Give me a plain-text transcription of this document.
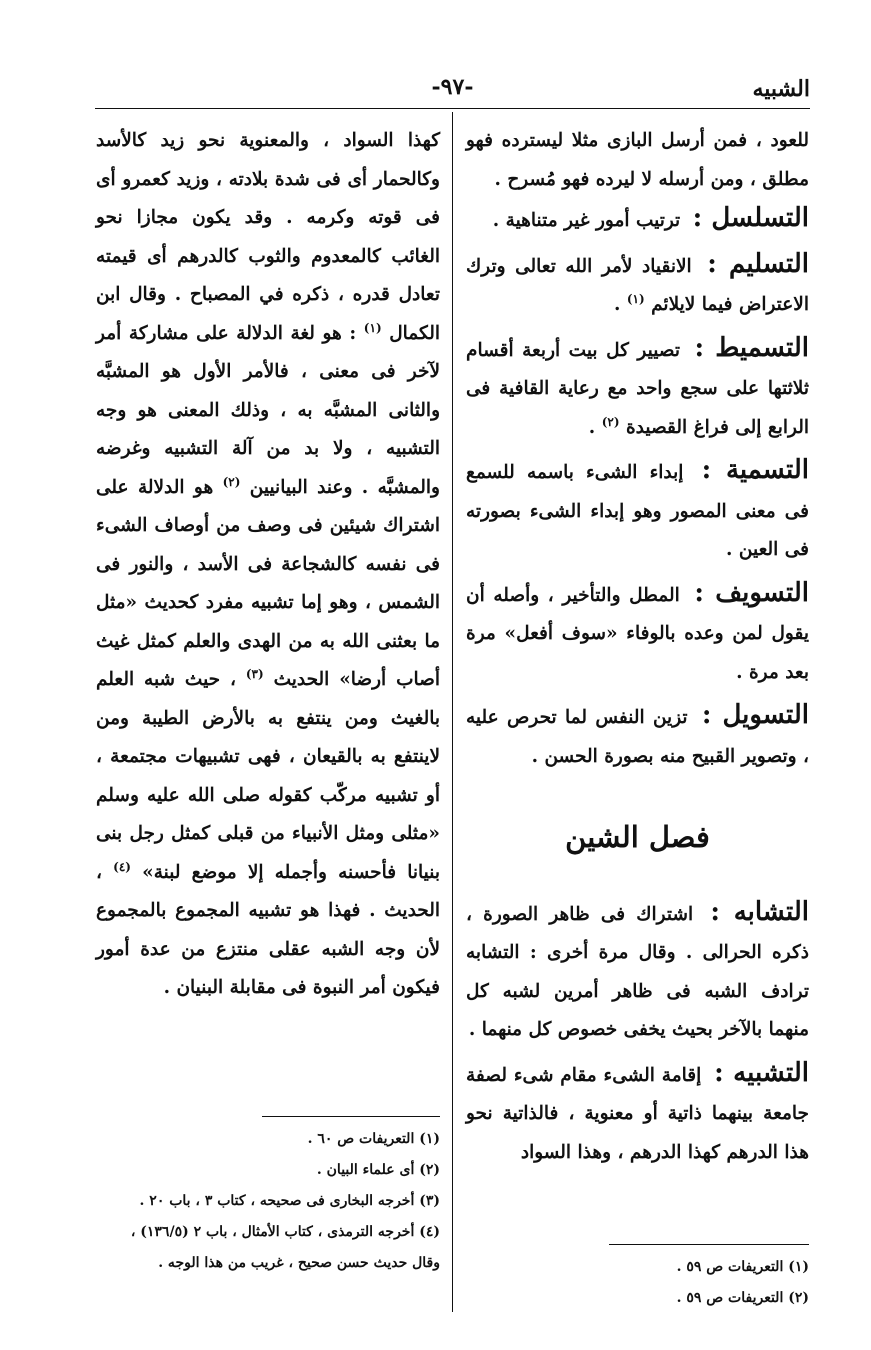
الشبيه
-٩٧-

للعود ، فمن أرسل البازى مثلا ليسترده فهو مطلق ، ومن أرسله لا ليرده فهو مُسرح .

التسلسل : ترتيب أمور غير متناهية .

التسليم : الانقياد لأمر الله تعالى وترك الاعتراض فيما لايلائم $^{(١)}$ .

التسميط : تصيير كل بيت أربعة أقسام ثلاثتها على سجع واحد مع رعاية القافية فى الرابع إلى فراغ القصيدة $^{(٢)}$ .

التسمية : إبداء الشىء باسمه للسمع فى معنى المصور وهو إبداء الشىء بصورته فى العين .

التسويف : المطل والتأخير ، وأصله أن يقول لمن وعده بالوفاء «سوف أفعل» مرة بعد مرة .

التسويل : تزين النفس لما تحرص عليه ، وتصوير القبيح منه بصورة الحسن .

فصل الشين

التشابه : اشتراك فى ظاهر الصورة ، ذكره الحرالى . وقال مرة أخرى : التشابه ترادف الشبه فى ظاهر أمرين لشبه كل منهما بالآخر بحيث يخفى خصوص كل منهما .

التشبيه : إقامة الشىء مقام شىء لصفة جامعة بينهما ذاتية أو معنوية ، فالذاتية نحو هذا الدرهم كهذا الدرهم ، وهذا السواد

كهذا السواد ، والمعنوية نحو زيد كالأسد وكالحمار أى فى شدة بلادته ، وزيد كعمرو أى فى قوته وكرمه . وقد يكون مجازا نحو الغائب كالمعدوم والثوب كالدرهم أى قيمته تعادل قدره ، ذكره في المصباح . وقال ابن الكمال $^{(١)}$ : هو لغة الدلالة على مشاركة أمر لآخر فى معنى ، فالأمر الأول هو المشبَّه والثانى المشبَّه به ، وذلك المعنى هو وجه التشبيه ، ولا بد من آلة التشبيه وغرضه والمشبَّه . وعند البيانيين $^{(٢)}$ هو الدلالة على اشتراك شيئين فى وصف من أوصاف الشىء فى نفسه كالشجاعة فى الأسد ، والنور فى الشمس ، وهو إما تشبيه مفرد كحديث «مثل ما بعثنى الله به من الهدى والعلم كمثل غيث أصاب أرضا» الحديث $^{(٣)}$ ، حيث شبه العلم بالغيث ومن ينتفع به بالأرض الطيبة ومن لاينتفع به بالقيعان ، فهى تشبيهات مجتمعة ، أو تشبيه مركّب كقوله صلى الله عليه وسلم «مثلى ومثل الأنبياء من قبلى كمثل رجل بنى بنيانا فأحسنه وأجمله إلا موضع لبنة» $^{(٤)}$ ، الحديث . فهذا هو تشبيه المجموع بالمجموع لأن وجه الشبه عقلى منتزع من عدة أمور فيكون أمر النبوة فى مقابلة البنيان .

(١) التعريفات ص ٦٠ .

(٢) أى علماء البيان .

(٣) أخرجه البخارى فى صحيحه ، كتاب ٣ ، باب ٢٠ .

(٤) أخرجه الترمذى ، كتاب الأمثال ، باب ٢ (١٣٦/٥) ،

وقال حديث حسن صحيح ، غريب من هذا الوجه .	(١) التعريفات ص ٥٩ .

(٢) التعريفات ص ٥٩ .
